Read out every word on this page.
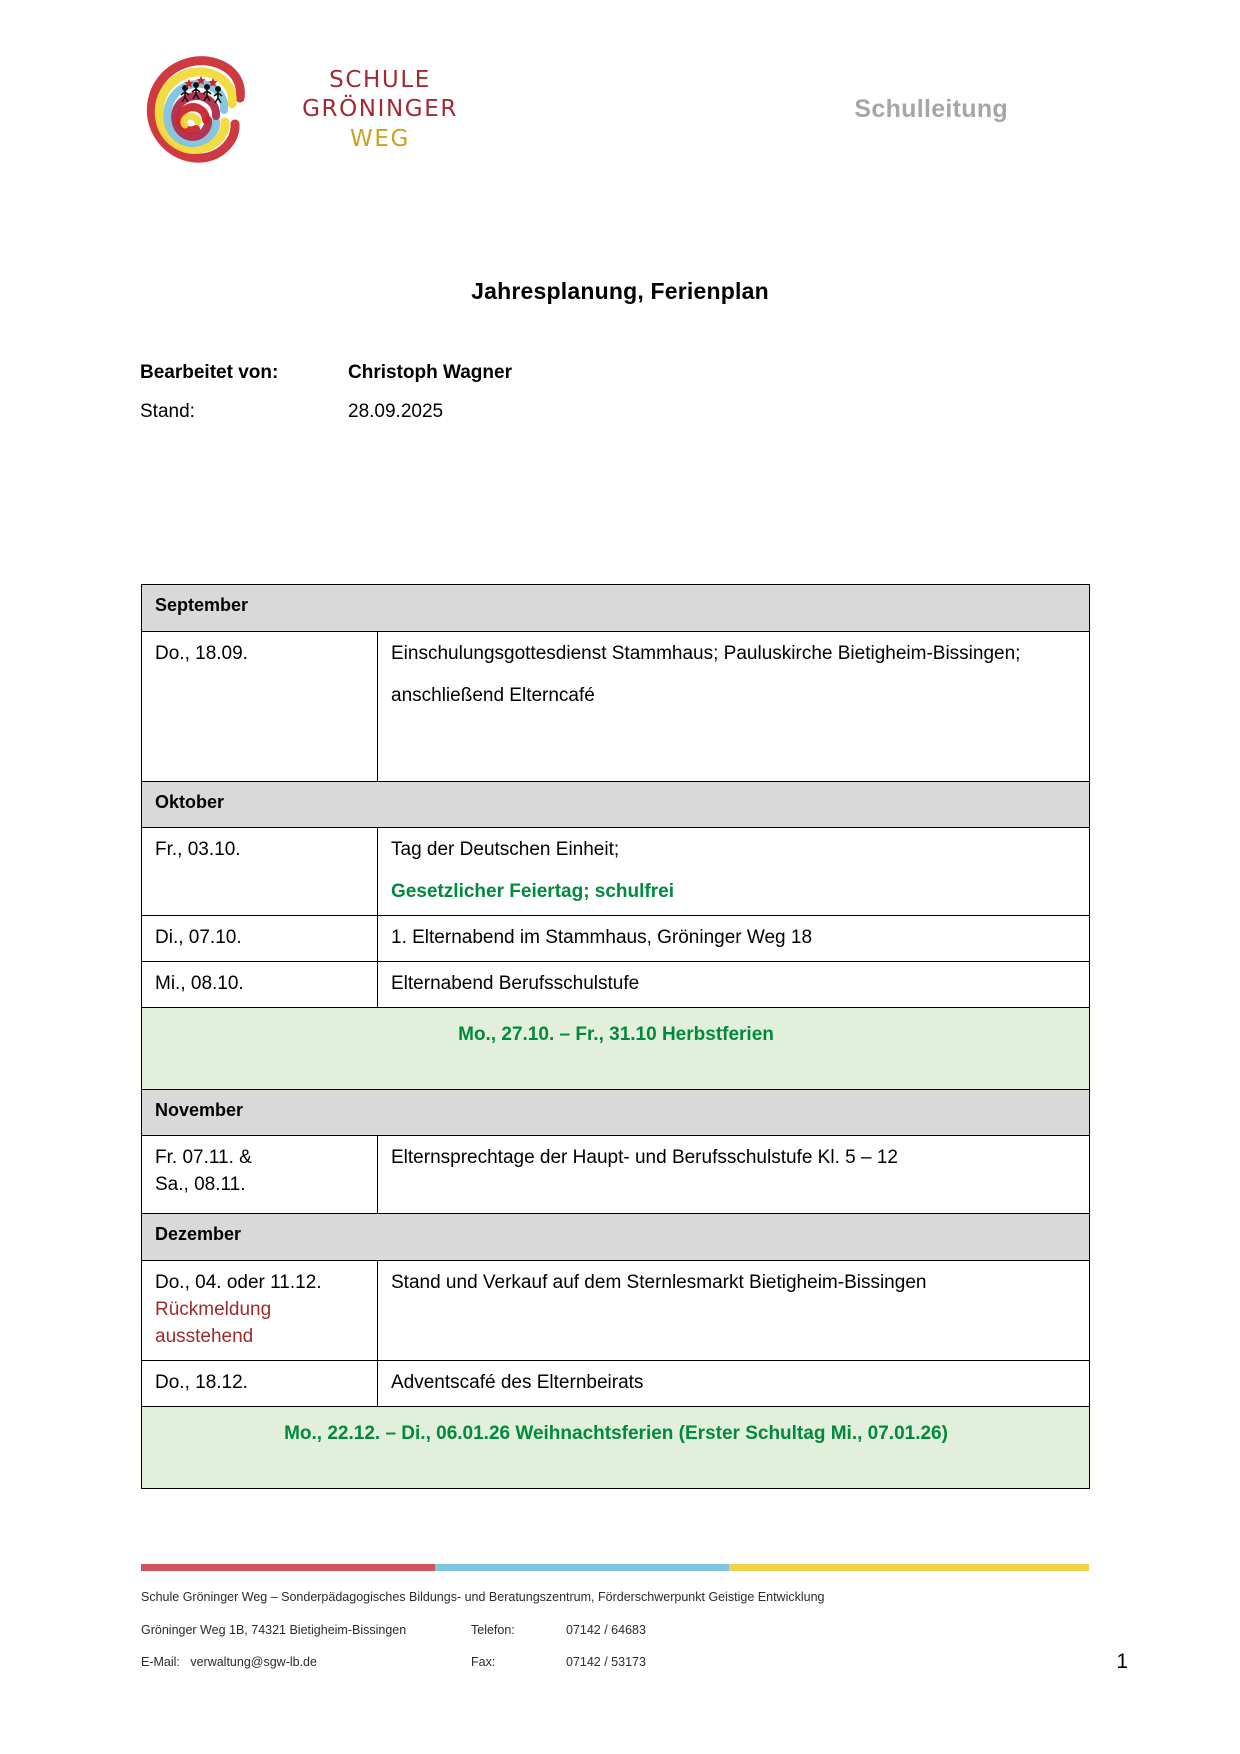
SCHULE
GRÖNINGER
WEG
Schulleitung
Jahresplanung, Ferienplan
Bearbeitet von:	Christoph Wagner
Stand:	28.09.2025
September	
Do., 18.09.	Einschulungsgottesdienst Stammhaus; Pauluskirche Bietigheim-Bissingen;
anschließend Elterncafé

Oktober	
Fr., 03.10.	Tag der Deutschen Einheit;
Gesetzlicher Feiertag; schulfrei

Di., 07.10.	1. Elternabend im Stammhaus, Gröninger Weg 18
Mi., 08.10.	Elternabend Berufsschulstufe
Mo., 27.10. – Fr., 31.10 Herbstferien	
November	

Fr. 07.11. &
Sa., 08.11.	Elternsprechtage der Haupt- und Berufsschulstufe Kl. 5 – 12
Dezember	

Do., 04. oder 11.12.
Rückmeldung ausstehend	Stand und Verkauf auf dem Sternlesmarkt Bietigheim-Bissingen
Do., 18.12.	Adventscafé des Elternbeirats
Mo., 22.12. – Di., 06.01.26 Weihnachtsferien (Erster Schultag Mi., 07.01.26)	
Schule Gröninger Weg – Sonderpädagogisches Bildungs- und Beratungszentrum, Förderschwerpunkt Geistige Entwicklung
Gröninger Weg 1B, 74321 Bietigheim-Bissingen	Telefon:	07142 / 64683
E-Mail: verwaltung@sgw-lb.de	Fax:	07142 / 53173	1
